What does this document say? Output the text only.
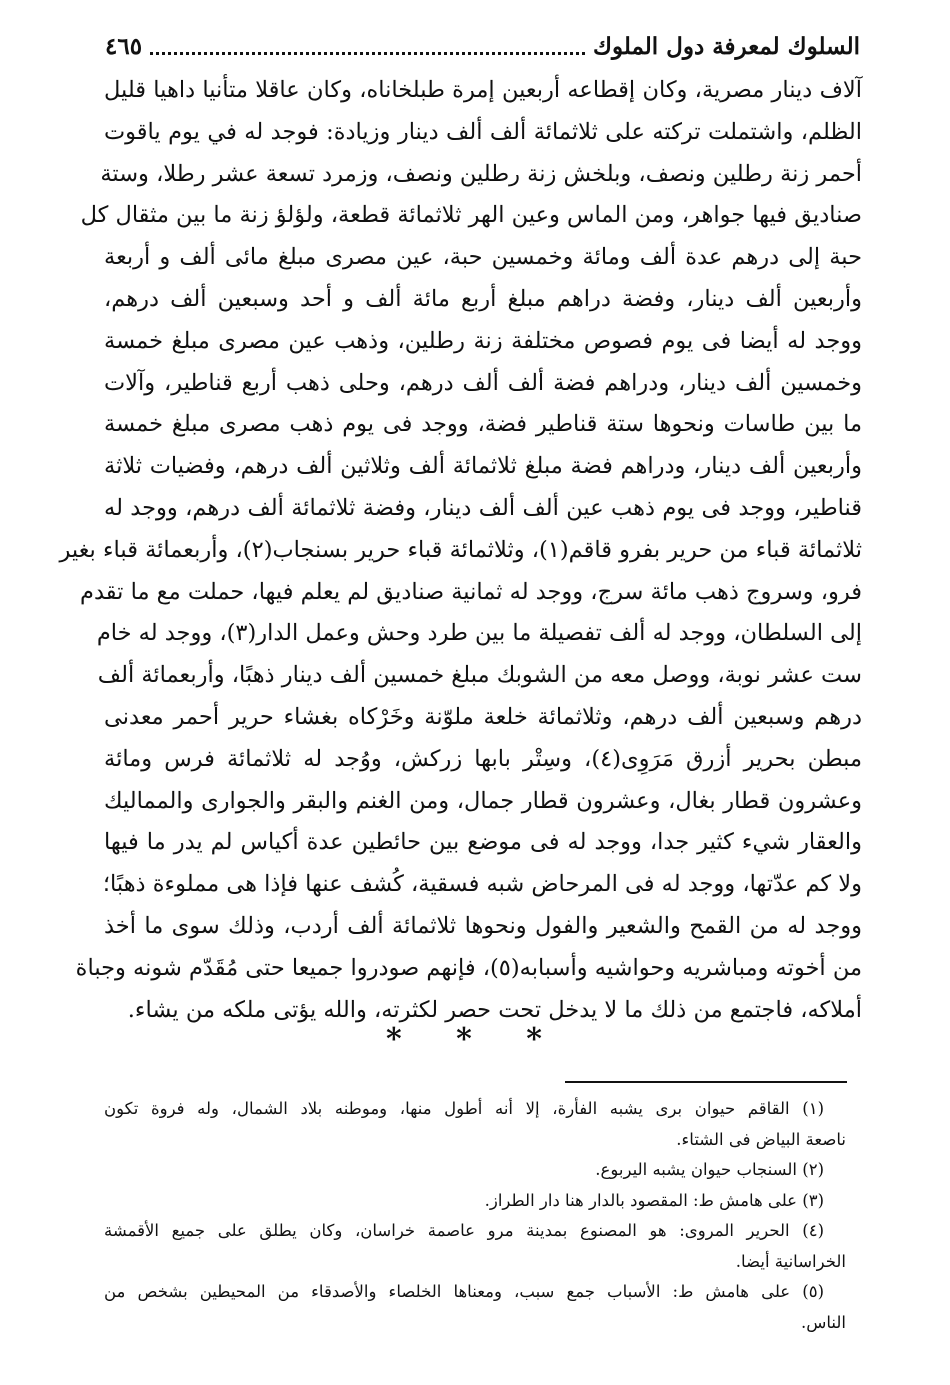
السلوك لمعرفة دول الملوك
٤٦٥
آلاف دينار مصرية، وكان إقطاعه أربعين إمرة طبلخاناه، وكان عاقلا متأنيا داهيا قليل
الظلم، واشتملت تركته على ثلاثمائة ألف ألف دينار وزيادة: فوجد له في يوم ياقوت
أحمر زنة رطلين ونصف، وبلخش زنة رطلين ونصف، وزمرد تسعة عشر رطلا، وستة
صناديق فيها جواهر، ومن الماس وعين الهر ثلاثمائة قطعة، ولؤلؤ زنة ما بين مثقال كل
حبة إلى درهم عدة ألف ومائة وخمسين حبة، عين مصرى مبلغ مائى ألف و أربعة
وأربعين ألف دينار، وفضة دراهم مبلغ أربع مائة ألف و أحد وسبعين ألف درهم،
ووجد له أيضا فى يوم فصوص مختلفة زنة رطلين، وذهب عين مصرى مبلغ خمسة
وخمسين ألف دينار، ودراهم فضة ألف ألف درهم، وحلى ذهب أربع قناطير، وآلات
ما بين طاسات ونحوها ستة قناطير فضة، ووجد فى يوم ذهب مصرى مبلغ خمسة
وأربعين ألف دينار، ودراهم فضة مبلغ ثلاثمائة ألف وثلاثين ألف درهم، وفضيات ثلاثة
قناطير، ووجد فى يوم ذهب عين ألف ألف دينار، وفضة ثلاثمائة ألف درهم، ووجد له
ثلاثمائة قباء من حرير بفرو قاقم(١)، وثلاثمائة قباء حرير بسنجاب(٢)، وأربعمائة قباء بغير
فرو، وسروج ذهب مائة سرج، ووجد له ثمانية صناديق لم يعلم فيها، حملت مع ما تقدم
إلى السلطان، ووجد له ألف تفصيلة ما بين طرد وحش وعمل الدار(٣)، ووجد له خام
ست عشر نوبة، ووصل معه من الشوبك مبلغ خمسين ألف دينار ذهبًا، وأربعمائة ألف
درهم وسبعين ألف درهم، وثلاثمائة خلعة ملوّنة وخَرْكاه بغشاء حرير أحمر معدنى
مبطن بحرير أزرق مَرَوِى(٤)، وسِتْر بابها زركش، ووُجد له ثلاثمائة فرس ومائة
وعشرون قطار بغال، وعشرون قطار جمال، ومن الغنم والبقر والجوارى والمماليك
والعقار شيء كثير جدا، ووجد له فى موضع بين حائطين عدة أكياس لم يدر ما فيها
ولا كم عدّتها، ووجد له فى المرحاض شبه فسقية، كُشف عنها فإذا هى مملوءة ذهبًا؛
ووجد له من القمح والشعير والفول ونحوها ثلاثمائة ألف أردب، وذلك سوى ما أخذ
من أخوته ومباشريه وحواشيه وأسبابه(٥)، فإنهم صودروا جميعا حتى مُقَدّم شونه وجباة
أملاكه، فاجتمع من ذلك ما لا يدخل تحت حصر لكثرته، والله يؤتى ملكه من يشاء.
* * *
(١) القاقم حيوان برى يشبه الفأرة، إلا أنه أطول منها، وموطنه بلاد الشمال، وله فروة تكون
ناصعة البياض فى الشتاء.
(٢) السنجاب حيوان يشبه اليربوع.
(٣) على هامش ط: المقصود بالدار هنا دار الطراز.
(٤) الحرير المروى: هو المصنوع بمدينة مرو عاصمة خراسان، وكان يطلق على جميع الأقمشة
الخراسانية أيضا.
(٥) على هامش ط: الأسباب جمع سبب، ومعناها الخلصاء والأصدقاء من المحيطين بشخص من
الناس.
